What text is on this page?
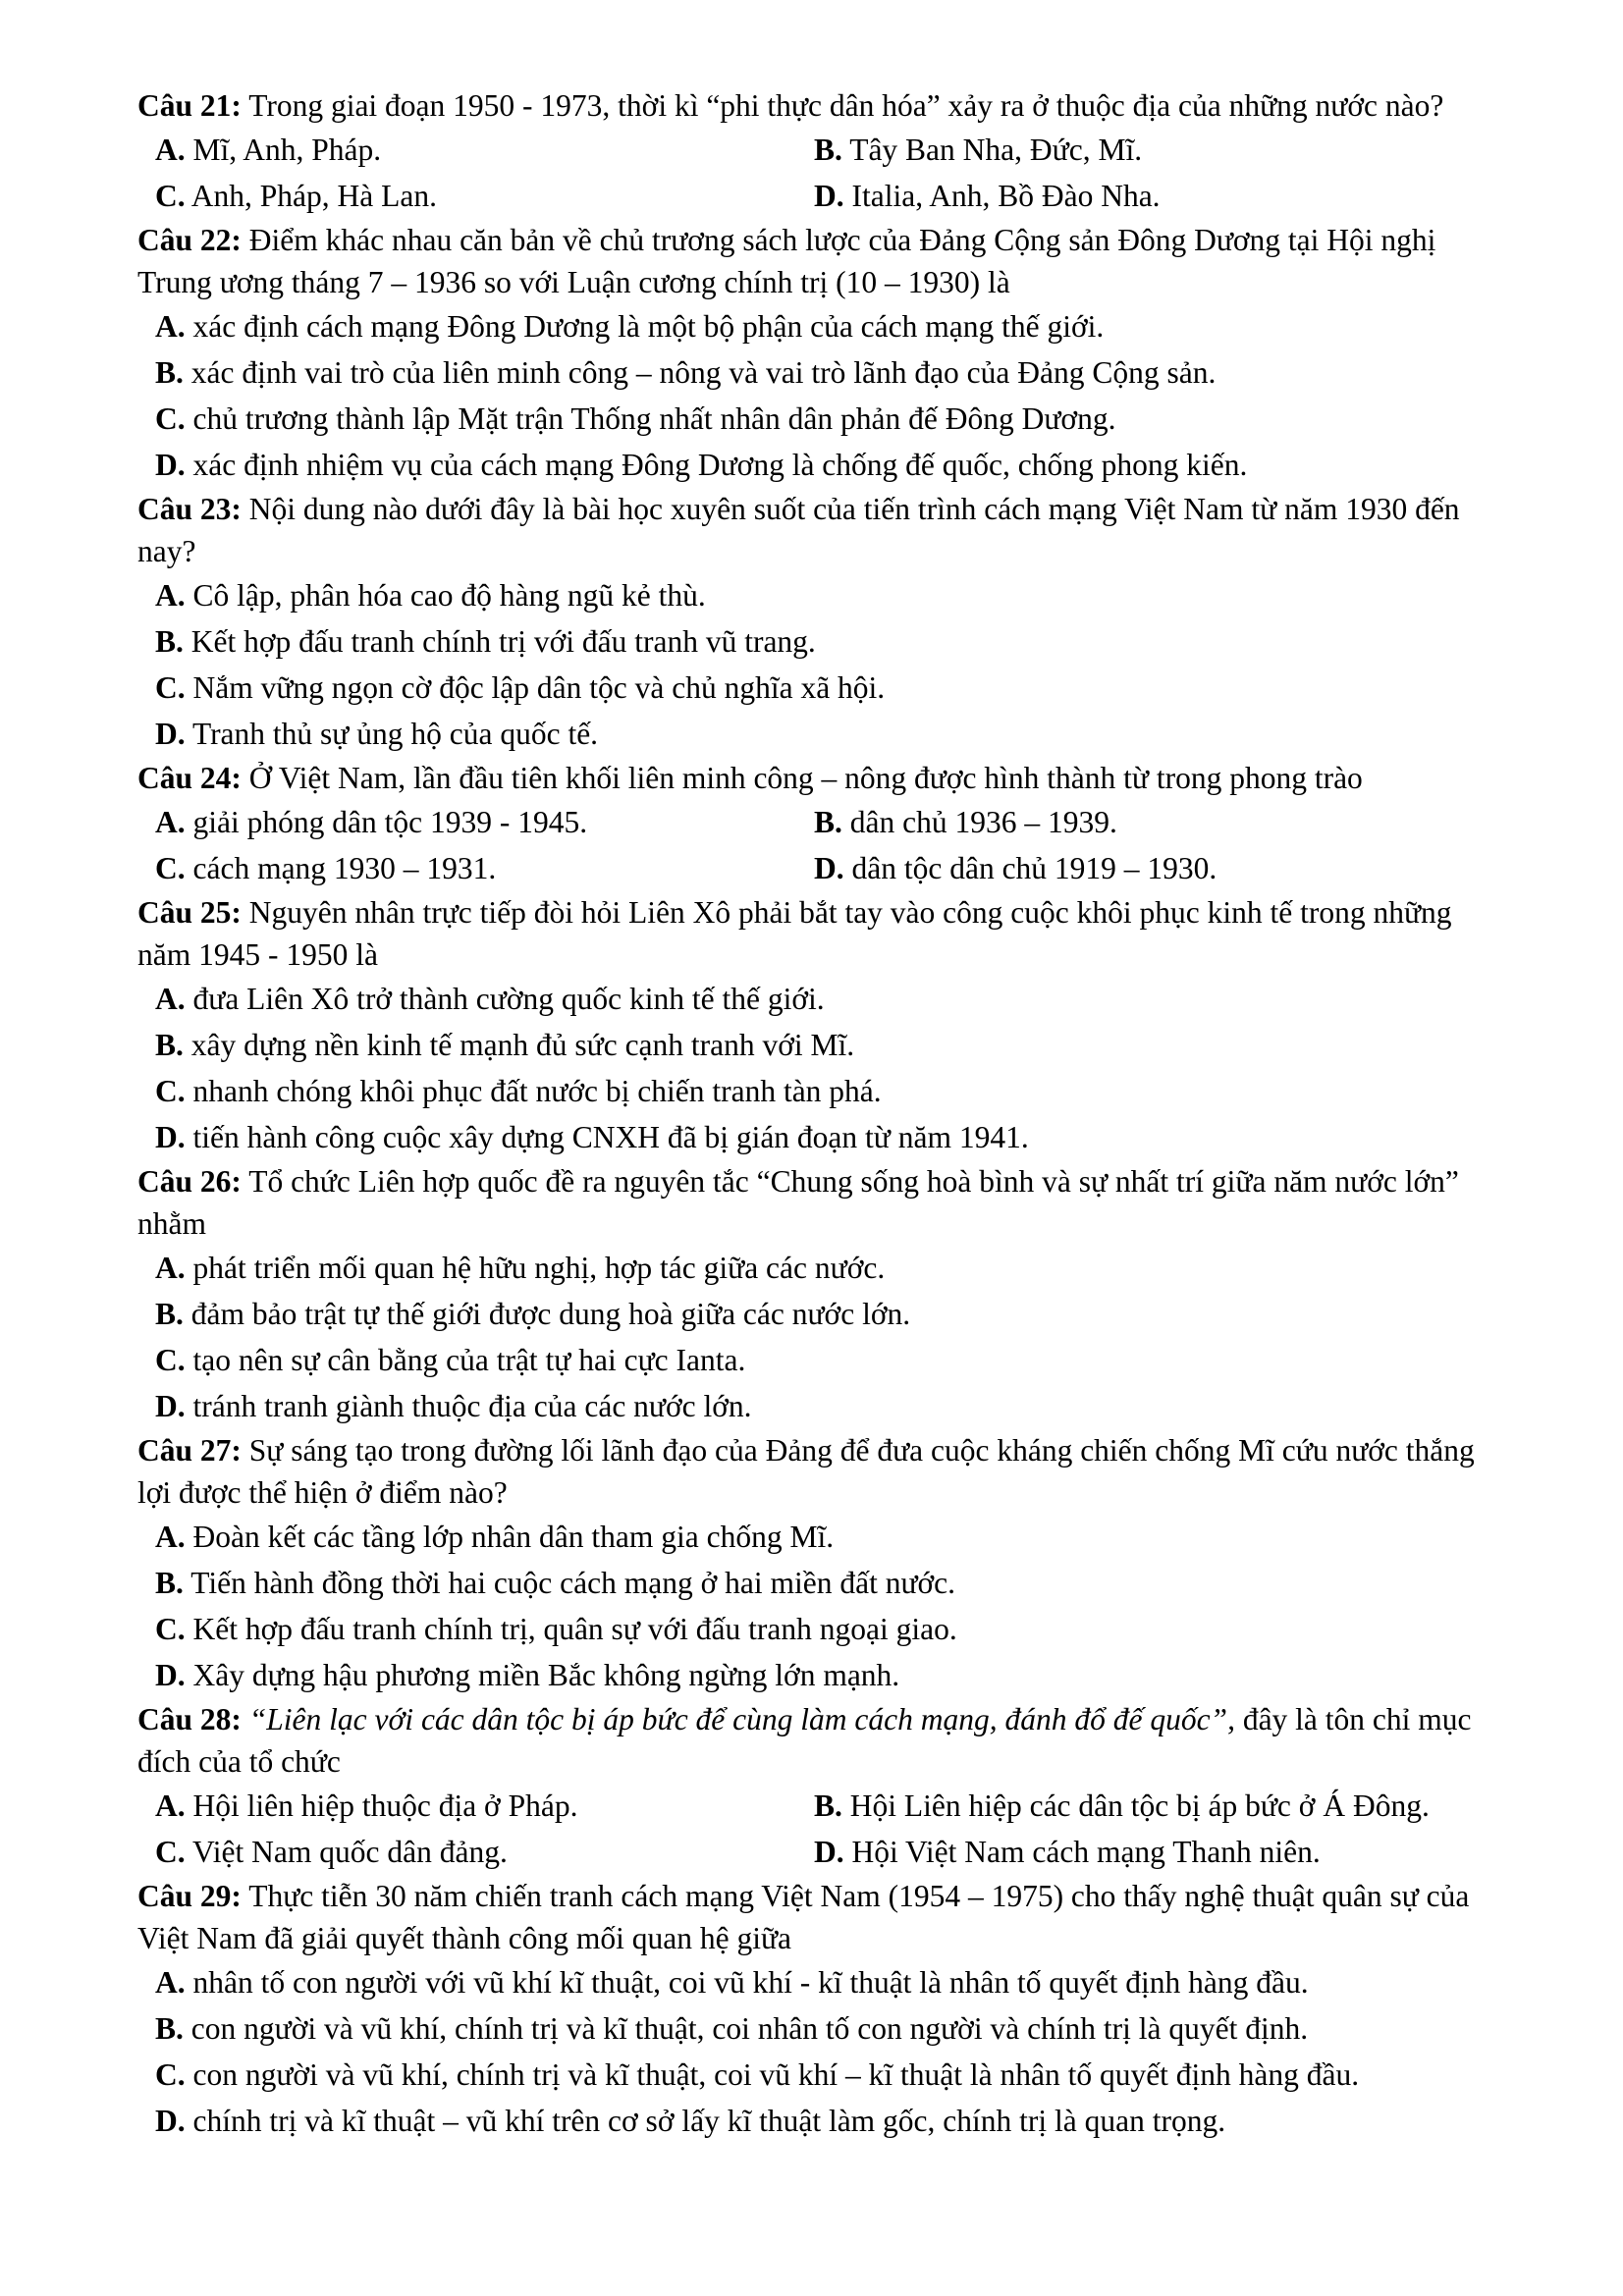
Câu 21: Trong giai đoạn 1950 - 1973, thời kì “phi thực dân hóa” xảy ra ở thuộc địa của những nước nào?

A. Mĩ, Anh, Pháp.	B. Tây Ban Nha, Đức, Mĩ.
C. Anh, Pháp, Hà Lan.	D. Italia, Anh, Bồ Đào Nha.

Câu 22: Điểm khác nhau căn bản về chủ trương sách lược của Đảng Cộng sản Đông Dương tại Hội nghị Trung ương tháng 7 – 1936 so với Luận cương chính trị (10 – 1930) là

A. xác định cách mạng Đông Dương là một bộ phận của cách mạng thế giới.
B. xác định vai trò của liên minh công – nông và vai trò lãnh đạo của Đảng Cộng sản.
C. chủ trương thành lập Mặt trận Thống nhất nhân dân phản đế Đông Dương.
D. xác định nhiệm vụ của cách mạng Đông Dương là chống đế quốc, chống phong kiến.

Câu 23: Nội dung nào dưới đây là bài học xuyên suốt của tiến trình cách mạng Việt Nam từ năm 1930 đến nay?

A. Cô lập, phân hóa cao độ hàng ngũ kẻ thù.
B. Kết hợp đấu tranh chính trị với đấu tranh vũ trang.
C. Nắm vững ngọn cờ độc lập dân tộc và chủ nghĩa xã hội.
D. Tranh thủ sự ủng hộ của quốc tế.

Câu 24: Ở Việt Nam, lần đầu tiên khối liên minh công – nông được hình thành từ trong phong trào

A. giải phóng dân tộc 1939 - 1945.	B. dân chủ 1936 – 1939.
C. cách mạng 1930 – 1931.	D. dân tộc dân chủ 1919 – 1930.

Câu 25: Nguyên nhân trực tiếp đòi hỏi Liên Xô phải bắt tay vào công cuộc khôi phục kinh tế trong những năm 1945 - 1950 là

A. đưa Liên Xô trở thành cường quốc kinh tế thế giới.
B. xây dựng nền kinh tế mạnh đủ sức cạnh tranh với Mĩ.
C. nhanh chóng khôi phục đất nước bị chiến tranh tàn phá.
D. tiến hành công cuộc xây dựng CNXH đã bị gián đoạn từ năm 1941.

Câu 26: Tổ chức Liên hợp quốc đề ra nguyên tắc “Chung sống hoà bình và sự nhất trí giữa năm nước lớn” nhằm

A. phát triển mối quan hệ hữu nghị, hợp tác giữa các nước.
B. đảm bảo trật tự thế giới được dung hoà giữa các nước lớn.
C. tạo nên sự cân bằng của trật tự hai cực Ianta.
D. tránh tranh giành thuộc địa của các nước lớn.

Câu 27: Sự sáng tạo trong đường lối lãnh đạo của Đảng để đưa cuộc kháng chiến chống Mĩ cứu nước thắng lợi được thể hiện ở điểm nào?

A. Đoàn kết các tầng lớp nhân dân tham gia chống Mĩ.
B. Tiến hành đồng thời hai cuộc cách mạng ở hai miền đất nước.
C. Kết hợp đấu tranh chính trị, quân sự với đấu tranh ngoại giao.
D. Xây dựng hậu phương miền Bắc không ngừng lớn mạnh.

Câu 28: “Liên lạc với các dân tộc bị áp bức để cùng làm cách mạng, đánh đổ đế quốc”, đây là tôn chỉ mục đích của tổ chức

A. Hội liên hiệp thuộc địa ở Pháp.	B. Hội Liên hiệp các dân tộc bị áp bức ở Á Đông.
C. Việt Nam quốc dân đảng.	D. Hội Việt Nam cách mạng Thanh niên.

Câu 29: Thực tiễn 30 năm chiến tranh cách mạng Việt Nam (1954 – 1975) cho thấy nghệ thuật quân sự của Việt Nam đã giải quyết thành công mối quan hệ giữa

A. nhân tố con người với vũ khí kĩ thuật, coi vũ khí - kĩ thuật là nhân tố quyết định hàng đầu.
B. con người và vũ khí, chính trị và kĩ thuật, coi nhân tố con người và chính trị là quyết định.
C. con người và vũ khí, chính trị và kĩ thuật, coi vũ khí – kĩ thuật là nhân tố quyết định hàng đầu.
D. chính trị và kĩ thuật – vũ khí trên cơ sở lấy kĩ thuật làm gốc, chính trị là quan trọng.
